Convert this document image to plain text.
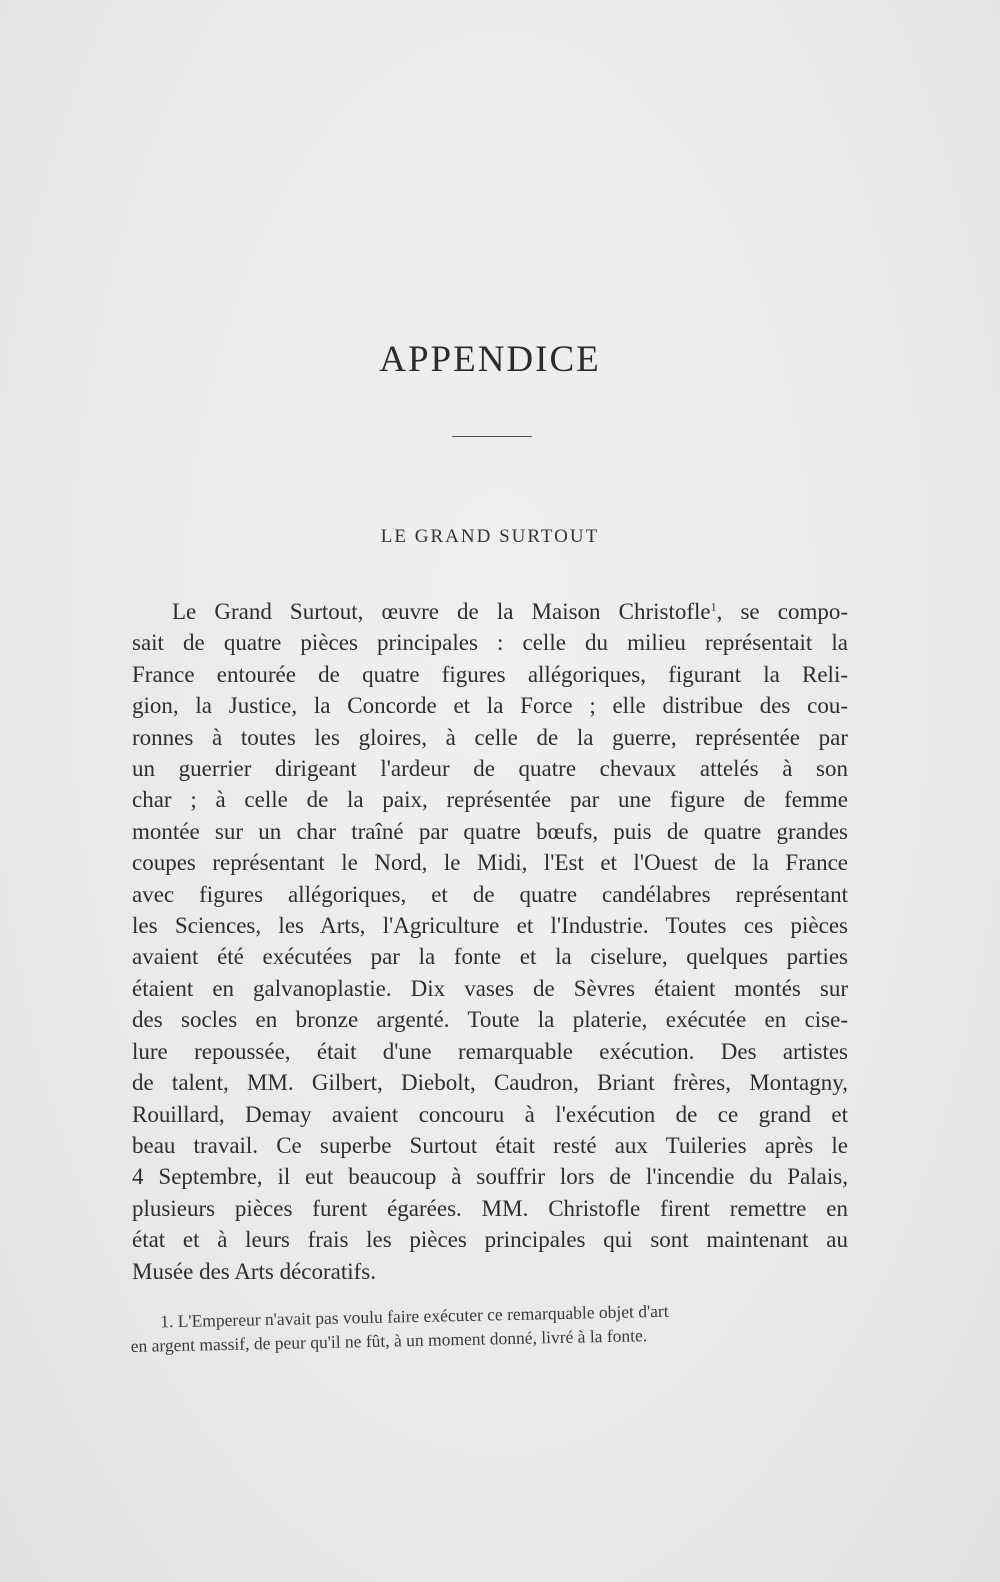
APPENDICE
LE GRAND SURTOUT
Le Grand Surtout, œuvre de la Maison Christofle$^1$, se compo-
sait de quatre pièces principales : celle du milieu représentait la
France entourée de quatre figures allégoriques, figurant la Reli-
gion, la Justice, la Concorde et la Force ; elle distribue des cou-
ronnes à toutes les gloires, à celle de la guerre, représentée par
un guerrier dirigeant l'ardeur de quatre chevaux attelés à son
char ; à celle de la paix, représentée par une figure de femme
montée sur un char traîné par quatre bœufs, puis de quatre grandes
coupes représentant le Nord, le Midi, l'Est et l'Ouest de la France
avec figures allégoriques, et de quatre candélabres représentant
les Sciences, les Arts, l'Agriculture et l'Industrie. Toutes ces pièces
avaient été exécutées par la fonte et la ciselure, quelques parties
étaient en galvanoplastie. Dix vases de Sèvres étaient montés sur
des socles en bronze argenté. Toute la platerie, exécutée en cise-
lure repoussée, était d'une remarquable exécution. Des artistes
de talent, MM. Gilbert, Diebolt, Caudron, Briant frères, Montagny,
Rouillard, Demay avaient concouru à l'exécution de ce grand et
beau travail. Ce superbe Surtout était resté aux Tuileries après le
4 Septembre, il eut beaucoup à souffrir lors de l'incendie du Palais,
plusieurs pièces furent égarées. MM. Christofle firent remettre en
état et à leurs frais les pièces principales qui sont maintenant au
Musée des Arts décoratifs.
1. L'Empereur n'avait pas voulu faire exécuter ce remarquable objet d'art
en argent massif, de peur qu'il ne fût, à un moment donné, livré à la fonte.
